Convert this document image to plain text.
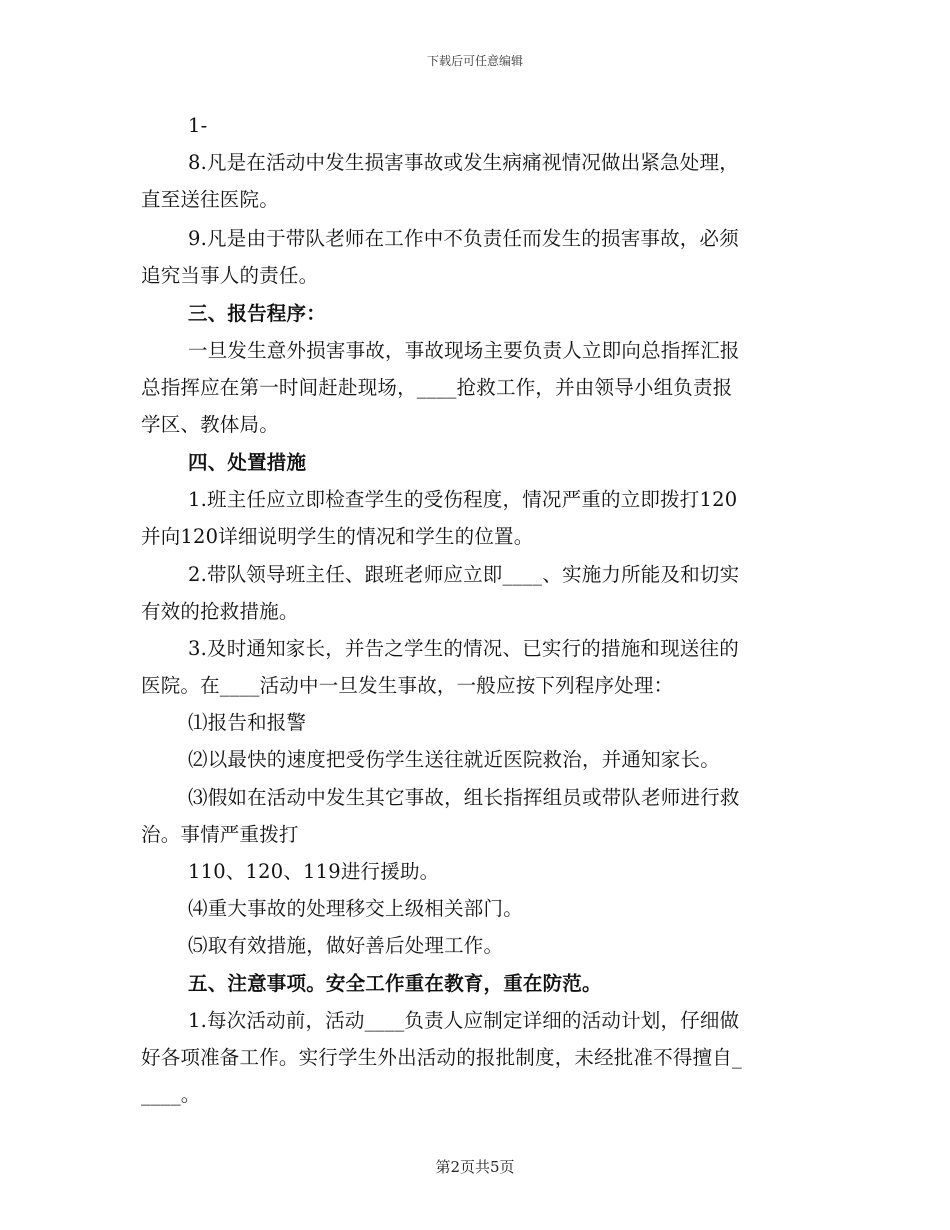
下载后可任意编辑
1-
8.凡是在活动中发生损害事故或发生病痛视情况做出紧急处理，
直至送往医院。
9.凡是由于带队老师在工作中不负责任而发生的损害事故，必须
追究当事人的责任。
三、报告程序：
一旦发生意外损害事故，事故现场主要负责人立即向总指挥汇报
总指挥应在第一时间赶赴现场，____抢救工作，并由领导小组负责报
学区、教体局。
四、处置措施
1.班主任应立即检查学生的受伤程度，情况严重的立即拨打120
并向120详细说明学生的情况和学生的位置。
2.带队领导班主任、跟班老师应立即____、实施力所能及和切实
有效的抢救措施。
3.及时通知家长，并告之学生的情况、已实行的措施和现送往的
医院。在____活动中一旦发生事故，一般应按下列程序处理：
⑴报告和报警
⑵以最快的速度把受伤学生送往就近医院救治，并通知家长。
⑶假如在活动中发生其它事故，组长指挥组员或带队老师进行救
治。事情严重拨打
110、120、119进行援助。
⑷重大事故的处理移交上级相关部门。
⑸取有效措施，做好善后处理工作。
五、注意事项。安全工作重在教育，重在防范。
1.每次活动前，活动____负责人应制定详细的活动计划，仔细做
好各项准备工作。实行学生外出活动的报批制度，未经批准不得擅自_
____。
第2页共5页
